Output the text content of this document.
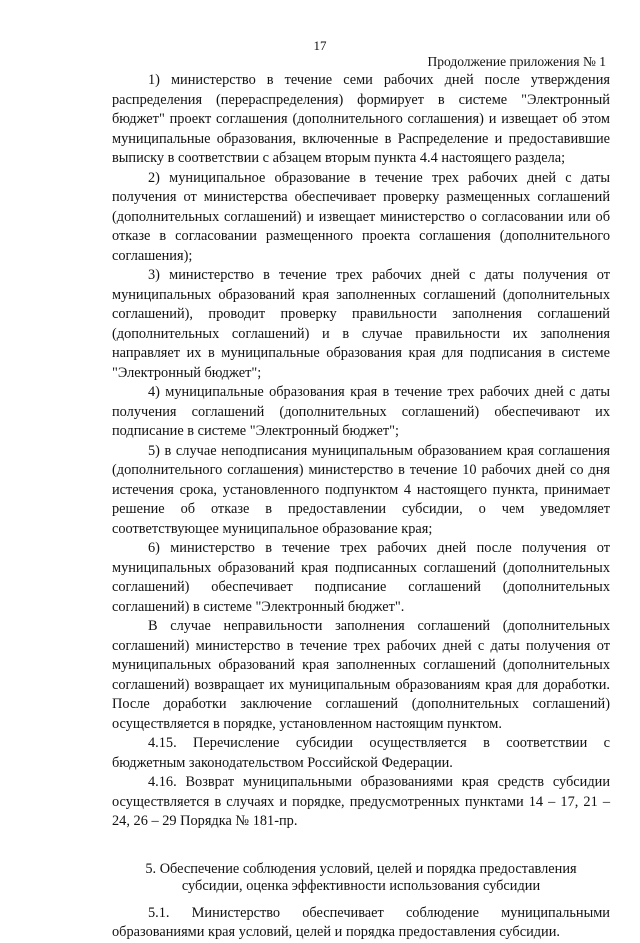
17
Продолжение приложения № 1

1) министерство в течение семи рабочих дней после утверждения распределения (перераспределения) формирует в системе "Электронный бюджет" проект соглашения (дополнительного соглашения) и извещает об этом муниципальные образования, включенные в Распределение и предоставившие выписку в соответствии с абзацем вторым пункта 4.4 настоящего раздела;

2) муниципальное образование в течение трех рабочих дней с даты получения от министерства обеспечивает проверку размещенных соглашений (дополнительных соглашений) и извещает министерство о согласовании или об отказе в согласовании размещенного проекта соглашения (дополнительного соглашения);

3) министерство в течение трех рабочих дней с даты получения от муниципальных образований края заполненных соглашений (дополнительных соглашений), проводит проверку правильности заполнения соглашений (дополнительных соглашений) и в случае правильности их заполнения направляет их в муниципальные образования края для подписания в системе "Электронный бюджет";

4) муниципальные образования края в течение трех рабочих дней с даты получения соглашений (дополнительных соглашений) обеспечивают их подписание в системе "Электронный бюджет";

5) в случае неподписания муниципальным образованием края соглашения (дополнительного соглашения) министерство в течение 10 рабочих дней со дня истечения срока, установленного подпунктом 4 настоящего пункта, принимает решение об отказе в предоставлении субсидии, о чем уведомляет соответствующее муниципальное образование края;

6) министерство в течение трех рабочих дней после получения от муниципальных образований края подписанных соглашений (дополнительных соглашений) обеспечивает подписание соглашений (дополнительных соглашений) в системе "Электронный бюджет".

В случае неправильности заполнения соглашений (дополнительных соглашений) министерство в течение трех рабочих дней с даты получения от муниципальных образований края заполненных соглашений (дополнительных соглашений) возвращает их муниципальным образованиям края для доработки. После доработки заключение соглашений (дополнительных соглашений) осуществляется в порядке, установленном настоящим пунктом.

4.15. Перечисление субсидии осуществляется в соответствии с бюджетным законодательством Российской Федерации.

4.16. Возврат муниципальными образованиями края средств субсидии осуществляется в случаях и порядке, предусмотренных пунктами 14 – 17, 21 – 24, 26 – 29 Порядка № 181-пр.

5. Обеспечение соблюдения условий, целей и порядка предоставления
субсидии, оценка эффективности использования субсидии

5.1. Министерство обеспечивает соблюдение муниципальными образованиями края условий, целей и порядка предоставления субсидии.
